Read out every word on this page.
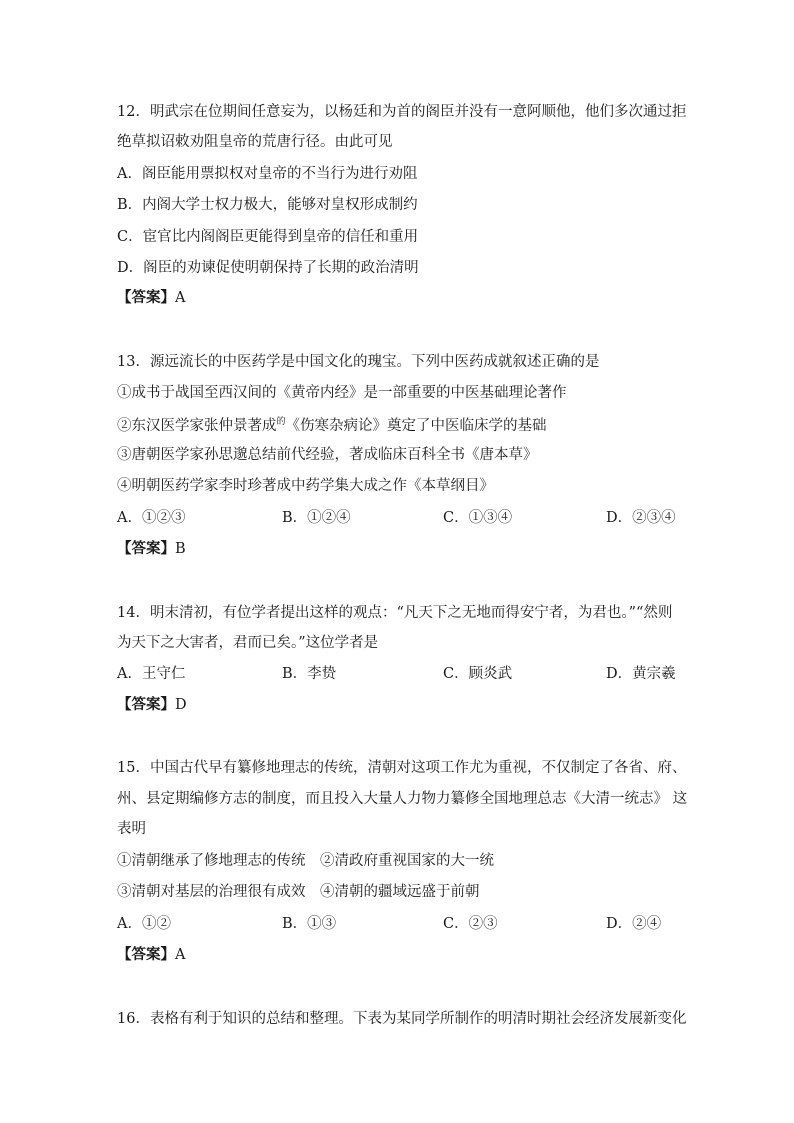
12．明武宗在位期间任意妄为，以杨廷和为首的阁臣并没有一意阿顺他，他们多次通过拒
绝草拟诏敕劝阻皇帝的荒唐行径。由此可见
A．阁臣能用票拟权对皇帝的不当行为进行劝阻
B．内阁大学士权力极大，能够对皇权形成制约
C．宦官比内阁阁臣更能得到皇帝的信任和重用
D．阁臣的劝谏促使明朝保持了长期的政治清明
【答案】A
13．源远流长的中医药学是中国文化的瑰宝。下列中医药成就叙述正确的是
①成书于战国至西汉间的《黄帝内经》是一部重要的中医基础理论著作
②东汉医学家张仲景著成$^的$《伤寒杂病论》奠定了中医临床学的基础
③唐朝医学家孙思邈总结前代经验，著成临床百科全书《唐本草》
④明朝医药学家李时珍著成中药学集大成之作《本草纲目》
A．①②③	B．①②④	C．①③④	D．②③④
【答案】B
14．明末清初，有位学者提出这样的观点：“凡天下之无地而得安宁者，为君也。”“然则
为天下之大害者，君而已矣。”这位学者是
A．王守仁	B．李贽	C．顾炎武	D．黄宗羲
【答案】D
15．中国古代早有纂修地理志的传统，清朝对这项工作尤为重视，不仅制定了各省、府、
州、县定期编修方志的制度，而且投入大量人力物力纂修全国地理总志《大清一统志》 这
表明
①清朝继承了修地理志的传统　②清政府重视国家的大一统
③清朝对基层的治理很有成效　④清朝的疆域远盛于前朝
A．①②	B．①③	C．②③	D．②④
【答案】A
16．表格有利于知识的总结和整理。下表为某同学所制作的明清时期社会经济发展新变化
